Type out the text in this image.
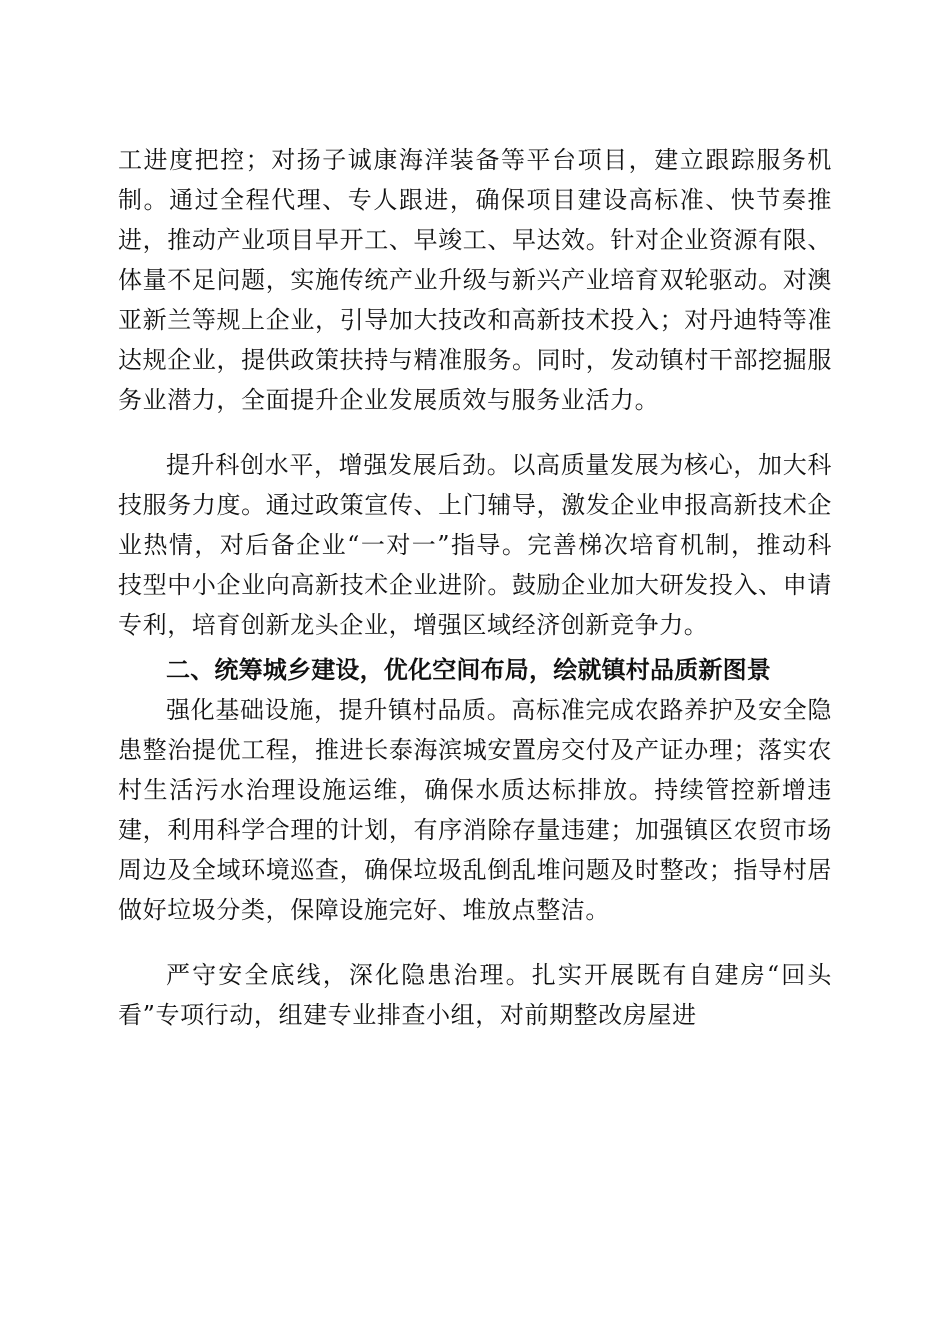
工进度把控；对扬子诚康海洋装备等平台项目，建立跟踪服务机制。通过全程代理、专人跟进，确保项目建设高标准、快节奏推进，推动产业项目早开工、早竣工、早达效。针对企业资源有限、体量不足问题，实施传统产业升级与新兴产业培育双轮驱动。对澳亚新兰等规上企业，引导加大技改和高新技术投入；对丹迪特等准达规企业，提供政策扶持与精准服务。同时，发动镇村干部挖掘服务业潜力，全面提升企业发展质效与服务业活力。

提升科创水平，增强发展后劲。以高质量发展为核心，加大科技服务力度。通过政策宣传、上门辅导，激发企业申报高新技术企业热情，对后备企业“一对一”指导。完善梯次培育机制，推动科技型中小企业向高新技术企业进阶。鼓励企业加大研发投入、申请专利，培育创新龙头企业，增强区域经济创新竞争力。

二、统筹城乡建设，优化空间布局，绘就镇村品质新图景

强化基础设施，提升镇村品质。高标准完成农路养护及安全隐患整治提优工程，推进长泰海滨城安置房交付及产证办理；落实农村生活污水治理设施运维，确保水质达标排放。持续管控新增违建，利用科学合理的计划，有序消除存量违建；加强镇区农贸市场周边及全域环境巡查，确保垃圾乱倒乱堆问题及时整改；指导村居做好垃圾分类，保障设施完好、堆放点整洁。

严守安全底线，深化隐患治理。扎实开展既有自建房“回头看”专项行动，组建专业排查小组，对前期整改房屋进
